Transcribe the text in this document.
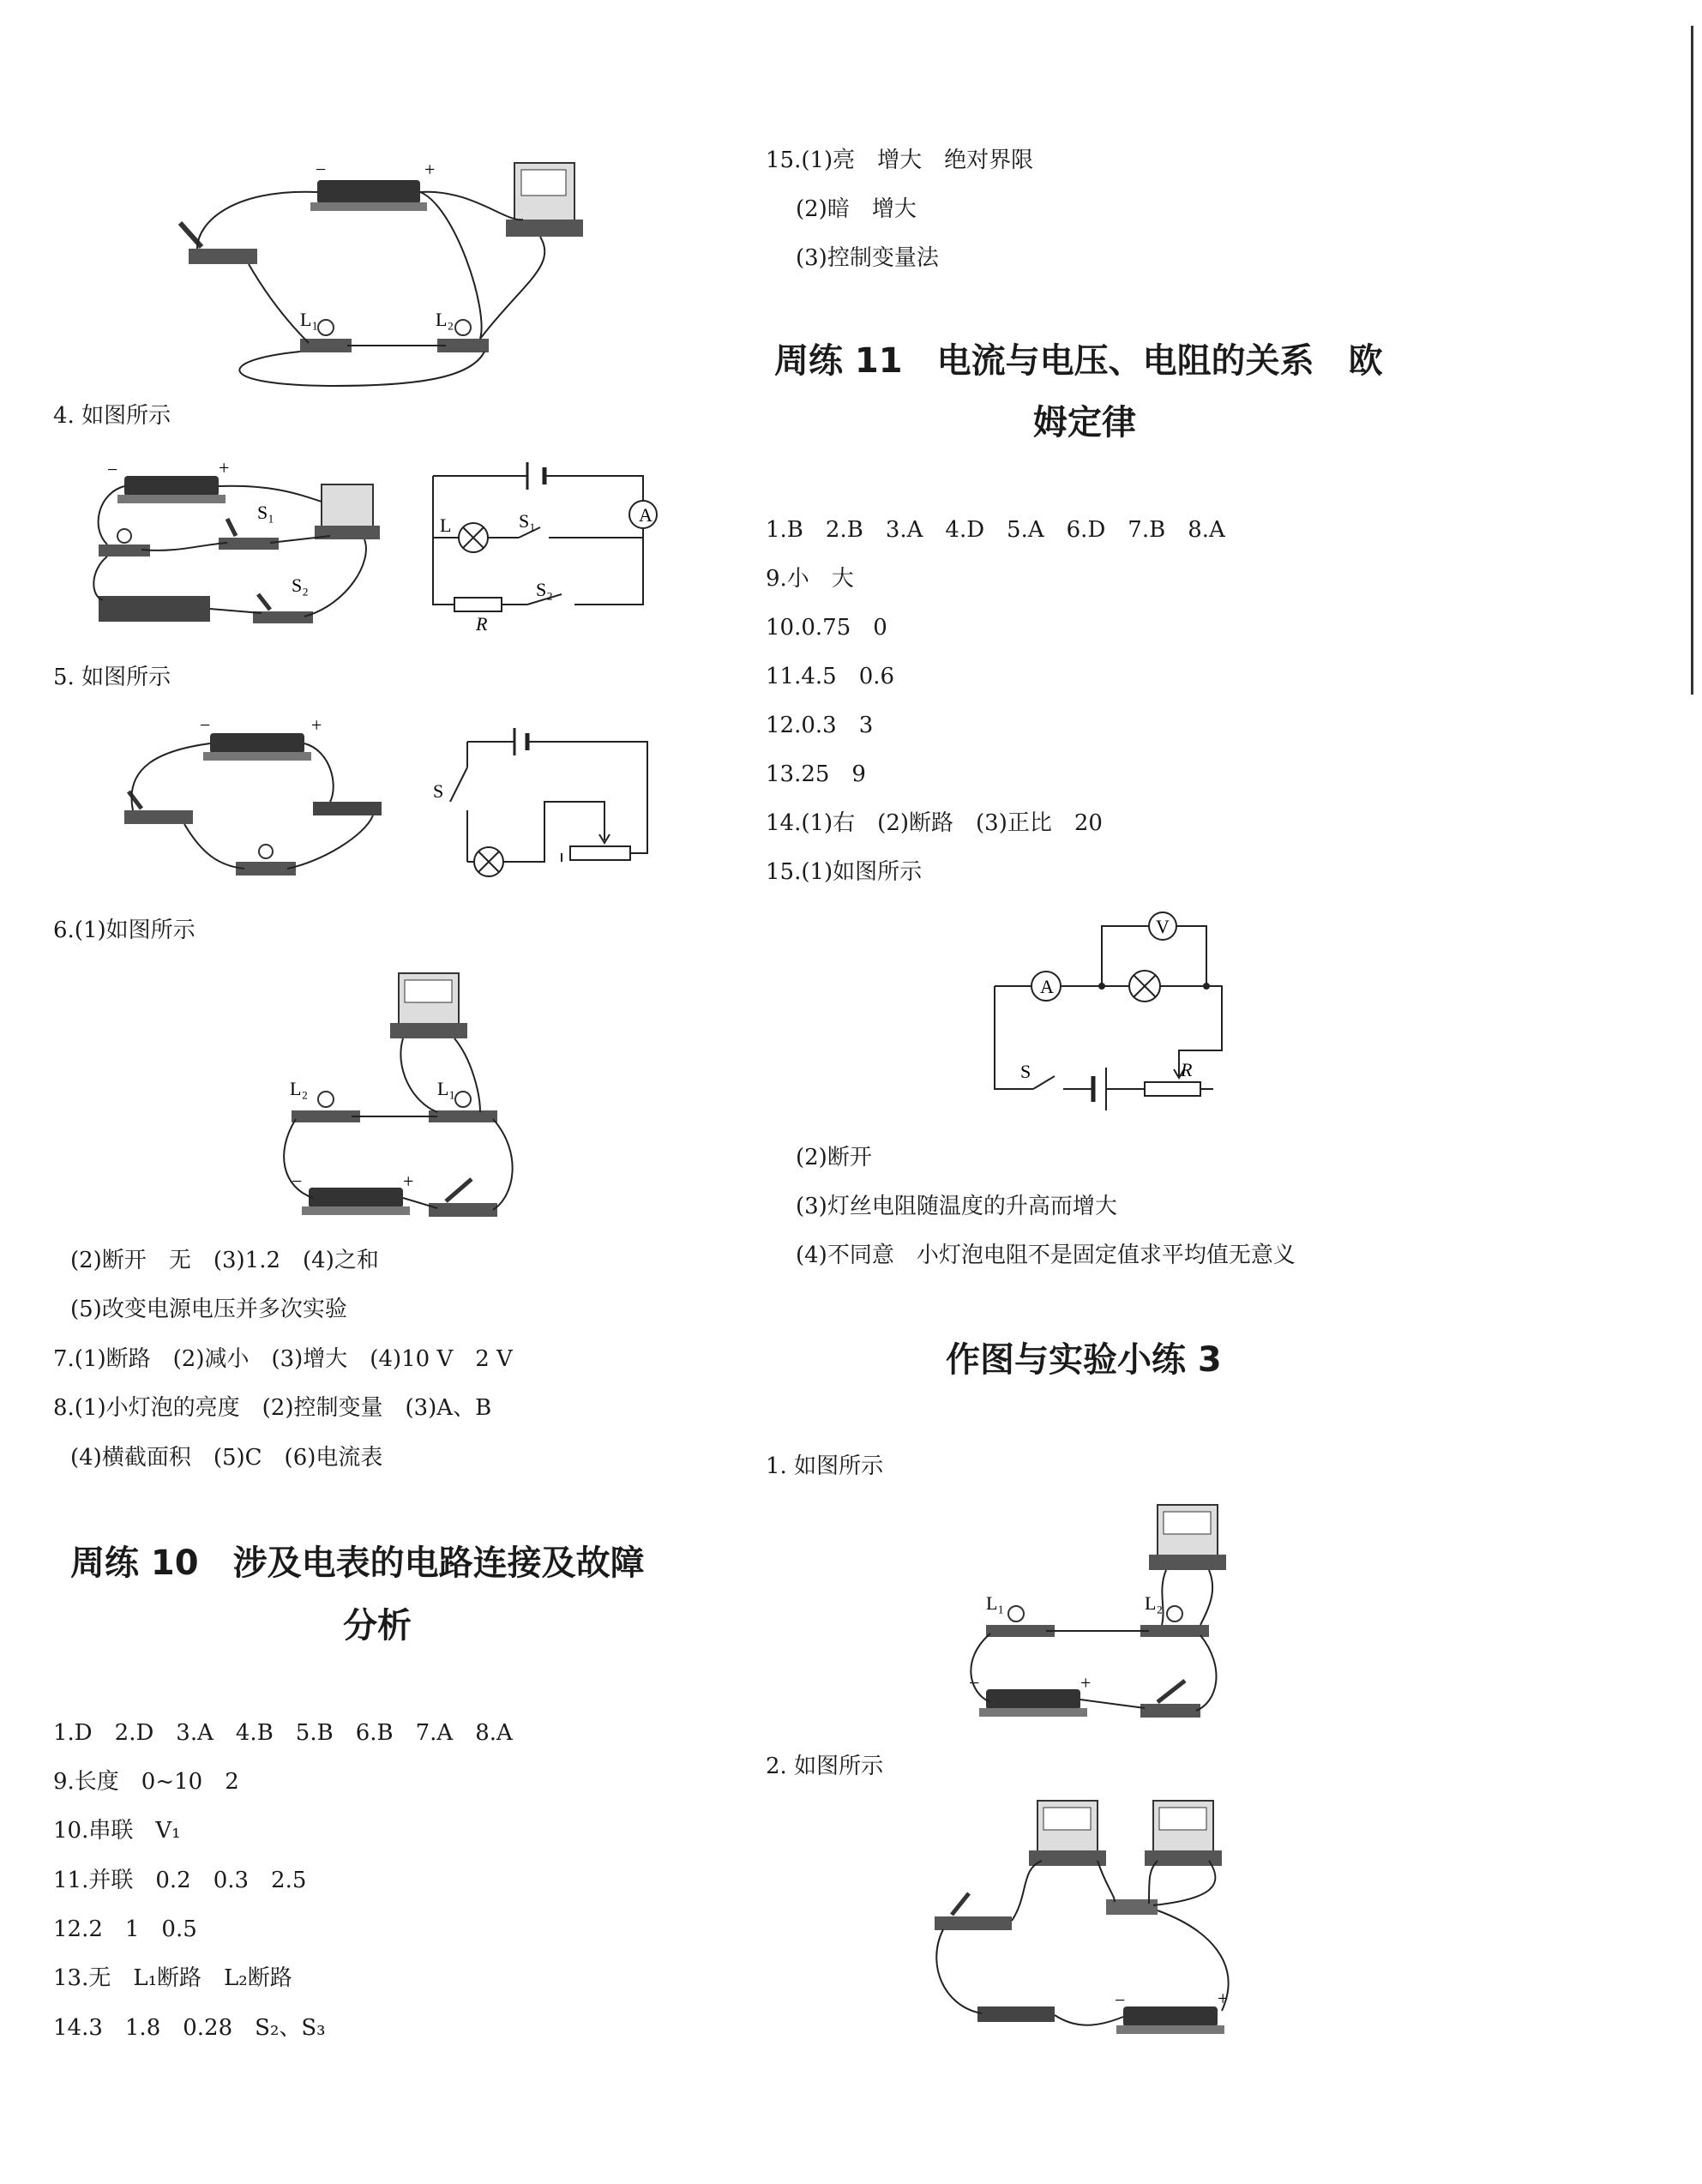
−	+
L₁	L₂
4. 如图所示
−	+
S₁
S₂
A
L	S₁
S₂
R
5. 如图所示
−	+
S
6.(1)如图所示
L₂	L₁
−	+
(2)断开　无　(3)1.2　(4)之和
(5)改变电源电压并多次实验
7.(1)断路　(2)减小　(3)增大　(4)10 V　2 V
8.(1)小灯泡的亮度　(2)控制变量　(3)A、B
(4)横截面积　(5)C　(6)电流表
周练 10　涉及电表的电路连接及故障
分析
1.D　2.D　3.A　4.B　5.B　6.B　7.A　8.A
9.长度　0~10　2
10.串联　V₁
11.并联　0.2　0.3　2.5
12.2　1　0.5
13.无　L₁断路　L₂断路
14.3　1.8　0.28　S₂、S₃
15.(1)亮　增大　绝对界限
(2)暗　增大
(3)控制变量法
周练 11　电流与电压、电阻的关系　欧
姆定律
1.B　2.B　3.A　4.D　5.A　6.D　7.B　8.A
9.小　大
10.0.75　0
11.4.5　0.6
12.0.3　3
13.25　9
14.(1)右　(2)断路　(3)正比　20
15.(1)如图所示
A
V
S	R
(2)断开
(3)灯丝电阻随温度的升高而增大
(4)不同意　小灯泡电阻不是固定值求平均值无意义
作图与实验小练 3
1. 如图所示
L₁	L₂
−	+
2. 如图所示
−	+
